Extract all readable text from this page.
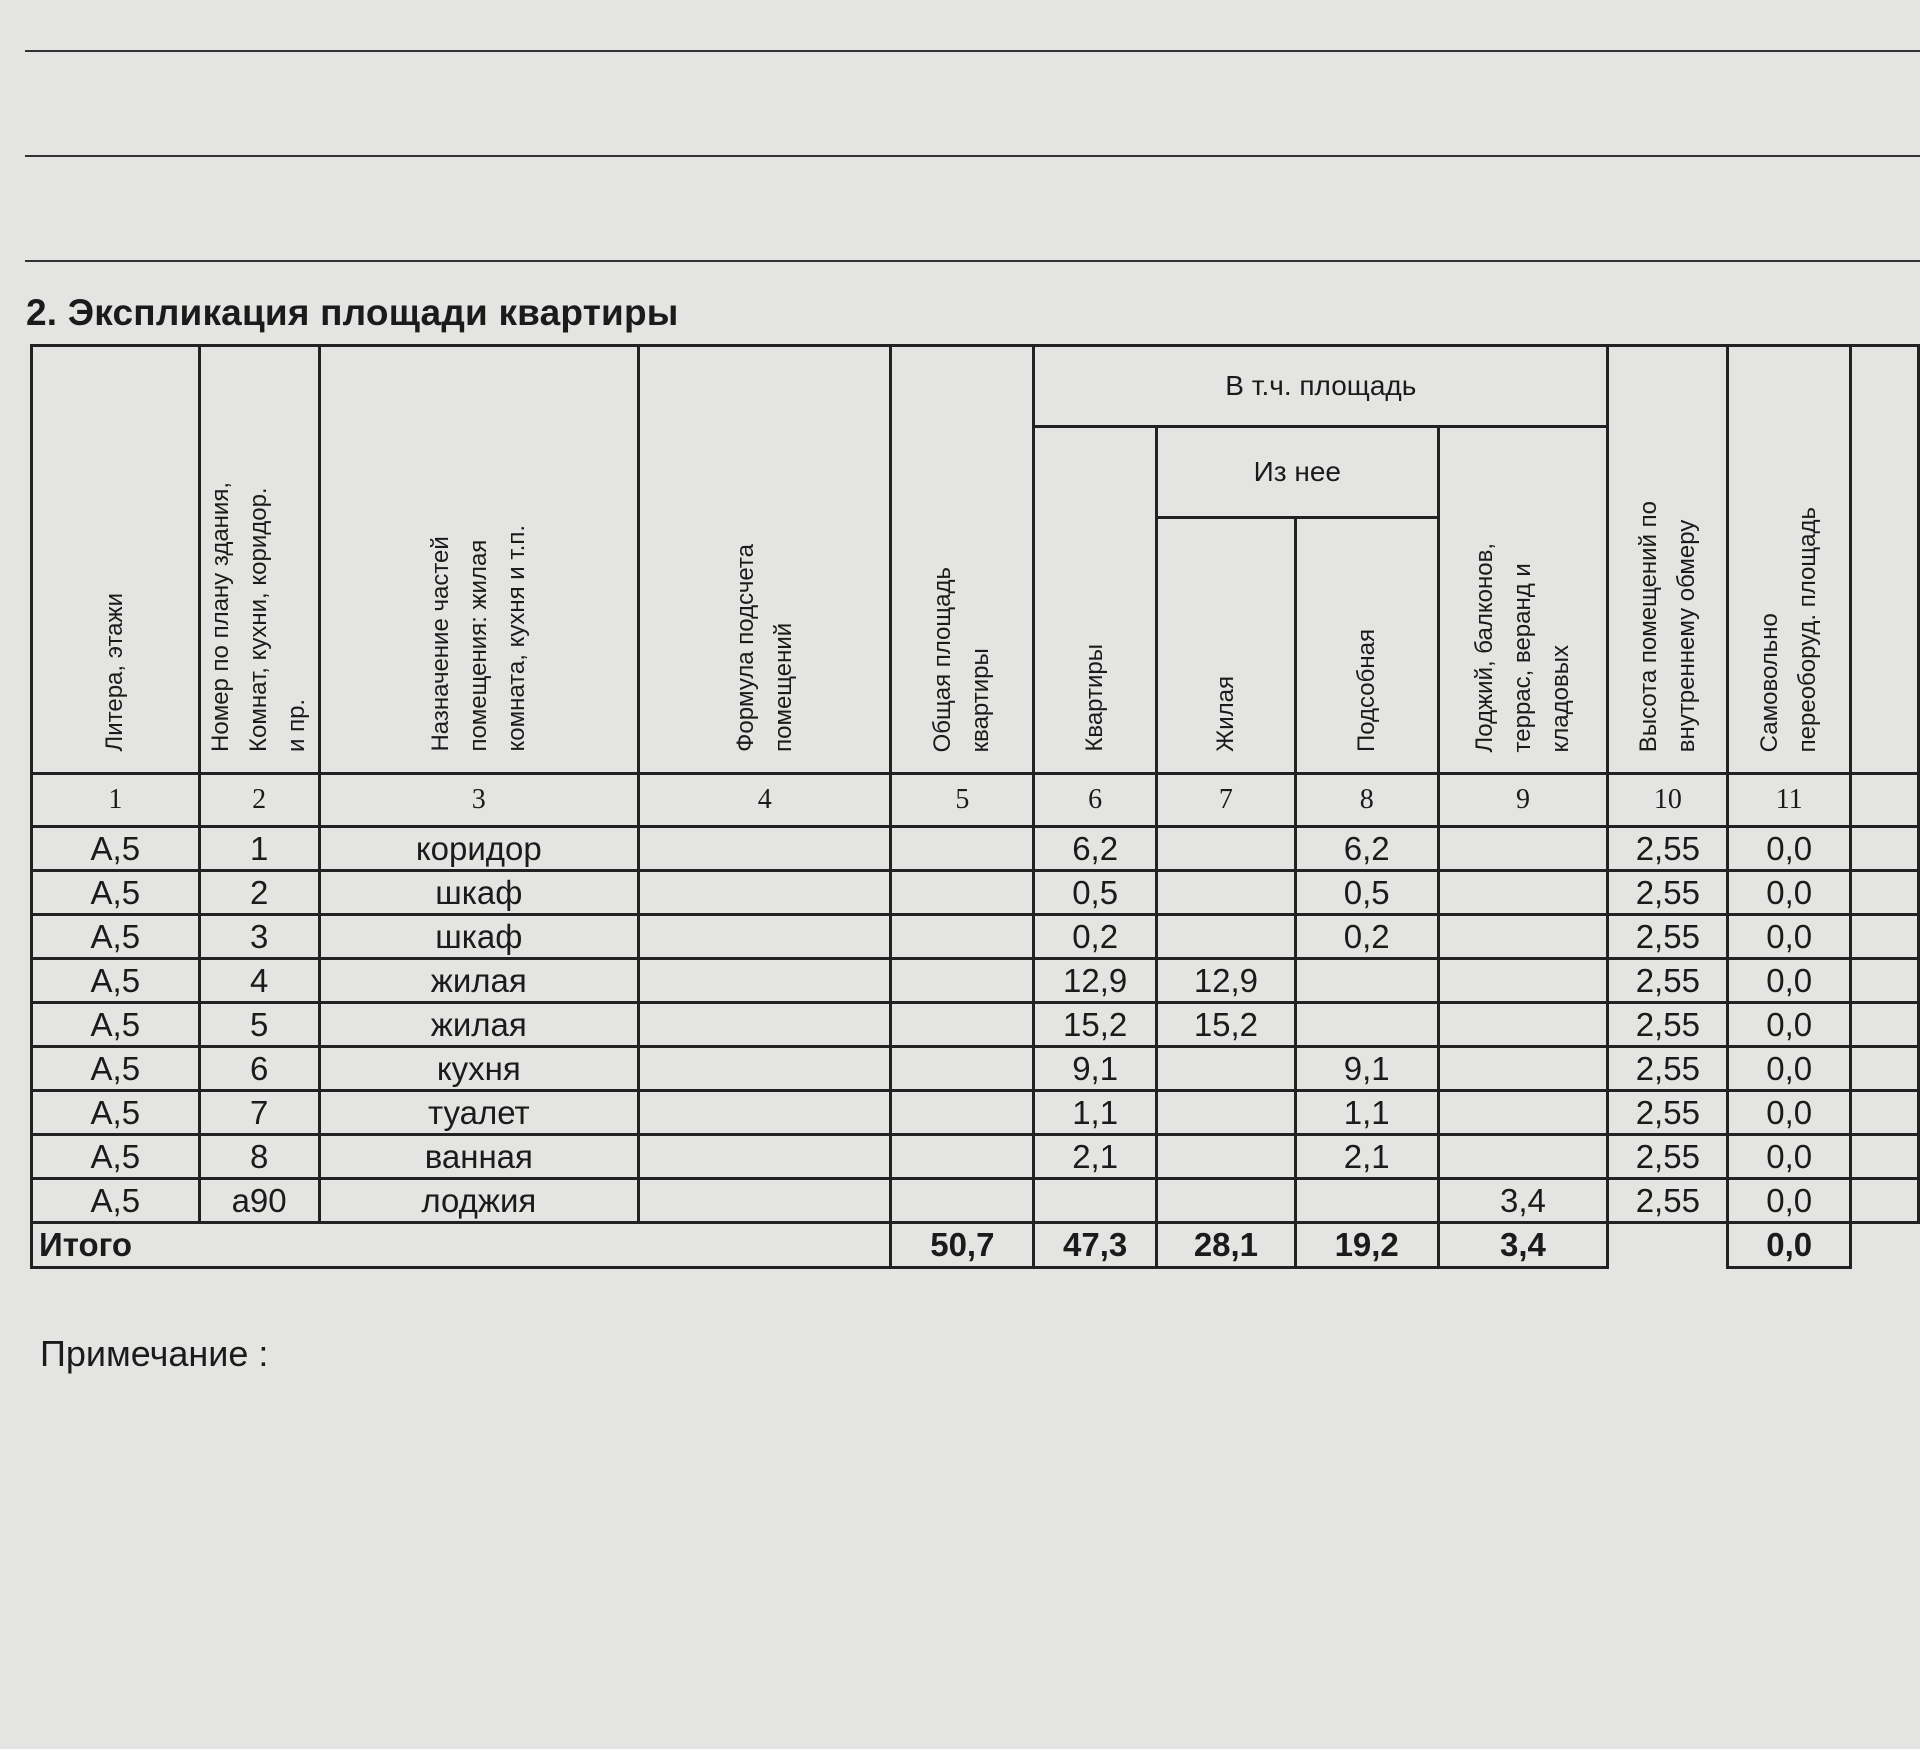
2. Экспликация площади квартиры
Литера, этажи	Номер по плану здания,
Комнат, кухни, коридор.
и пр.	Назначение частей
помещения: жилая
комната, кухня и т.п.	Формула подсчета
помещений	Общая площадь
квартиры	В т.ч. площадь				Высота помещений по
внутреннему обмеру	Самовольно
переоборуд. площадь	

					Квартиры	Из нее		Лоджий, балконов,
террас, веранд и
кладовых			

						Жилая	Подсобная				

1	2	3	4	5	6	7	8	9	10	11	
А,5	1	коридор			6,2		6,2		2,55	0,0	
А,5	2	шкаф			0,5		0,5		2,55	0,0	
А,5	3	шкаф			0,2		0,2		2,55	0,0	
А,5	4	жилая			12,9	12,9			2,55	0,0	
А,5	5	жилая			15,2	15,2			2,55	0,0	
А,5	6	кухня			9,1		9,1		2,55	0,0	
А,5	7	туалет			1,1		1,1		2,55	0,0	
А,5	8	ванная			2,1		2,1		2,55	0,0	
А,5	а90	лоджия						3,4	2,55	0,0	
Итого				50,7	47,3	28,1	19,2	3,4		0,0	
Примечание :
